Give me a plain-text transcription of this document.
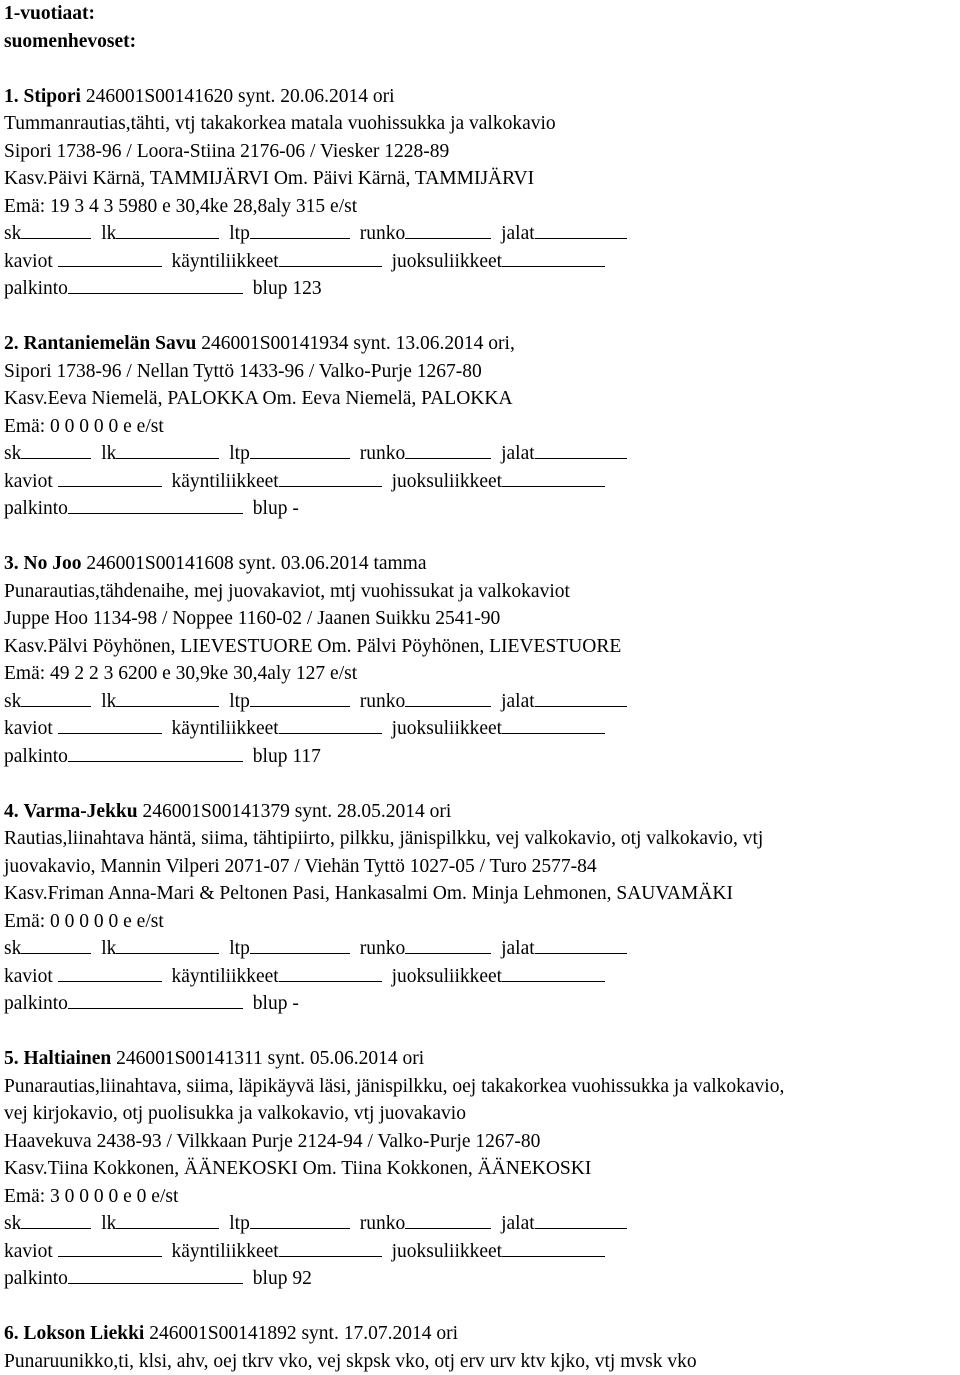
1-vuotiaat:
suomenhevoset:
1. Stipori 246001S00141620 synt. 20.06.2014 ori
Tummanrautias,tähti, vtj takakorkea matala vuohissukka ja valkokavio
Sipori 1738-96 / Loora-Stiina 2176-06 / Viesker 1228-89
Kasv.Päivi Kärnä, TAMMIJÄRVI Om. Päivi Kärnä, TAMMIJÄRVI
Emä: 19 3 4 3 5980 e 30,4ke 28,8aly 315 e/st
sk	lk	ltp	runko	jalat
kaviot	käyntiliikkeet	juoksuliikkeet
palkinto	blup 123
2. Rantaniemelän Savu 246001S00141934 synt. 13.06.2014 ori,
Sipori 1738-96 / Nellan Tyttö 1433-96 / Valko-Purje 1267-80
Kasv.Eeva Niemelä, PALOKKA Om. Eeva Niemelä, PALOKKA
Emä: 0 0 0 0 0 e e/st
sk	lk	ltp	runko	jalat
kaviot	käyntiliikkeet	juoksuliikkeet
palkinto	blup -
3. No Joo 246001S00141608 synt. 03.06.2014 tamma
Punarautias,tähdenaihe, mej juovakaviot, mtj vuohissukat ja valkokaviot
Juppe Hoo 1134-98 / Noppee 1160-02 / Jaanen Suikku 2541-90
Kasv.Pälvi Pöyhönen, LIEVESTUORE Om. Pälvi Pöyhönen, LIEVESTUORE
Emä: 49 2 2 3 6200 e 30,9ke 30,4aly 127 e/st
sk	lk	ltp	runko	jalat
kaviot	käyntiliikkeet	juoksuliikkeet
palkinto	blup 117
4. Varma-Jekku 246001S00141379 synt. 28.05.2014 ori
Rautias,liinahtava häntä, siima, tähtipiirto, pilkku, jänispilkku, vej valkokavio, otj valkokavio, vtj
juovakavio, Mannin Vilperi 2071-07 / Viehän Tyttö 1027-05 / Turo 2577-84
Kasv.Friman Anna-Mari & Peltonen Pasi, Hankasalmi Om. Minja Lehmonen, SAUVAMÄKI
Emä: 0 0 0 0 0 e e/st
sk	lk	ltp	runko	jalat
kaviot	käyntiliikkeet	juoksuliikkeet
palkinto	blup -
5. Haltiainen 246001S00141311 synt. 05.06.2014 ori
Punarautias,liinahtava, siima, läpikäyvä läsi, jänispilkku, oej takakorkea vuohissukka ja valkokavio,
vej kirjokavio, otj puolisukka ja valkokavio, vtj juovakavio
Haavekuva 2438-93 / Vilkkaan Purje 2124-94 / Valko-Purje 1267-80
Kasv.Tiina Kokkonen, ÄÄNEKOSKI Om. Tiina Kokkonen, ÄÄNEKOSKI
Emä: 3 0 0 0 0 e 0 e/st
sk	lk	ltp	runko	jalat
kaviot	käyntiliikkeet	juoksuliikkeet
palkinto	blup 92
6. Lokson Liekki 246001S00141892 synt. 17.07.2014 ori
Punaruunikko,ti, klsi, ahv, oej tkrv vko, vej skpsk vko, otj erv urv ktv kjko, vtj mvsk vko
